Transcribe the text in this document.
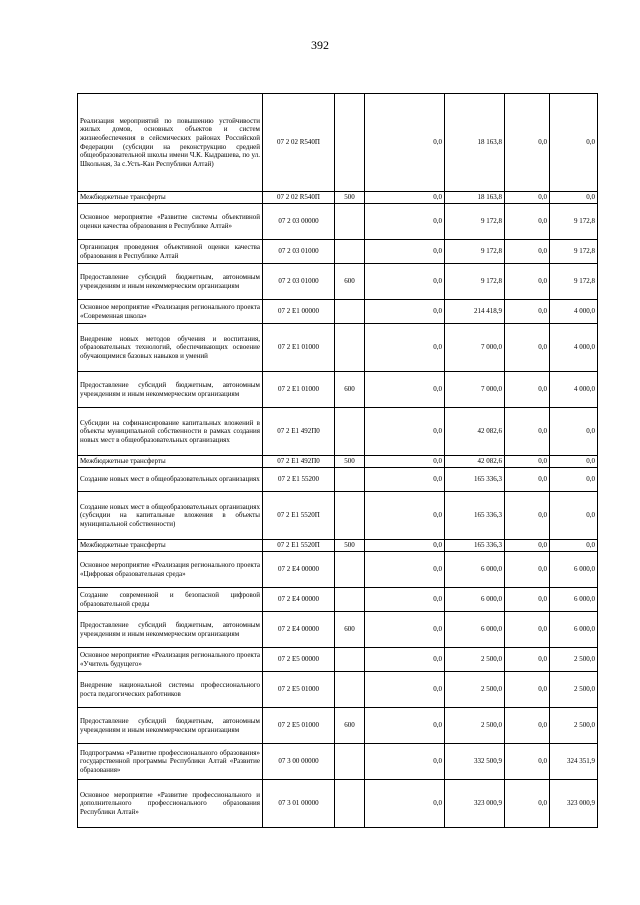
392
Реализация мероприятий по повышению устойчивости жилых домов, основных объектов и систем жизнеобеспечения в сейсмических районах Российской Федерации (субсидии на реконструкцию средней общеобразовательной школы имени Ч.К. Кыдрашева, по ул. Школьная, 3а с.Усть-Кан Республики Алтай)	07 2 02 R540П		0,0	18 163,8	0,0	0,0
Межбюджетные трансферты	07 2 02 R540П	500	0,0	18 163,8	0,0	0,0
Основное мероприятие «Развитие системы объективной оценки качества образования в Республике Алтай»	07 2 03 00000		0,0	9 172,8	0,0	9 172,8
Организация проведения объективной оценки качества образования в Республике Алтай	07 2 03 01000		0,0	9 172,8	0,0	9 172,8
Предоставление субсидий бюджетным, автономным учреждениям и иным некоммерческим организациям	07 2 03 01000	600	0,0	9 172,8	0,0	9 172,8
Основное мероприятие «Реализация регионального проекта «Современная школа»	07 2 E1 00000		0,0	214 418,9	0,0	4 000,0
Внедрение новых методов обучения и воспитания, образовательных технологий, обеспечивающих освоение обучающимися базовых навыков и умений	07 2 E1 01000		0,0	7 000,0	0,0	4 000,0
Предоставление субсидий бюджетным, автономным учреждениям и иным некоммерческим организациям	07 2 E1 01000	600	0,0	7 000,0	0,0	4 000,0
Субсидии на софинансирование капитальных вложений в объекты муниципальной собственности в рамках создания новых мест в общеобразовательных организациях	07 2 E1 492П0		0,0	42 082,6	0,0	0,0
Межбюджетные трансферты	07 2 E1 492П0	500	0,0	42 082,6	0,0	0,0
Создание новых мест в общеобразовательных организациях	07 2 E1 55200		0,0	165 336,3	0,0	0,0
Создание новых мест в общеобразовательных организациях (субсидии на капитальные вложения в объекты муниципальной собственности)	07 2 E1 5520П		0,0	165 336,3	0,0	0,0
Межбюджетные трансферты	07 2 E1 5520П	500	0,0	165 336,3	0,0	0,0
Основное мероприятие «Реализация регионального проекта «Цифровая образовательная среда»	07 2 E4 00000		0,0	6 000,0	0,0	6 000,0
Создание современной и безопасной цифровой образовательной среды	07 2 E4 00000		0,0	6 000,0	0,0	6 000,0
Предоставление субсидий бюджетным, автономным учреждениям и иным некоммерческим организациям	07 2 E4 00000	600	0,0	6 000,0	0,0	6 000,0
Основное мероприятие «Реализация регионального проекта «Учитель будущего»	07 2 E5 00000		0,0	2 500,0	0,0	2 500,0
Внедрение национальной системы профессионального роста педагогических работников	07 2 E5 01000		0,0	2 500,0	0,0	2 500,0
Предоставление субсидий бюджетным, автономным учреждениям и иным некоммерческим организациям	07 2 E5 01000	600	0,0	2 500,0	0,0	2 500,0
Подпрограмма «Развитие профессионального образования» государственной программы Республики Алтай «Развитие образования»	07 3 00 00000		0,0	332 500,9	0,0	324 351,9
Основное мероприятие «Развитие профессионального и дополнительного профессионального образования Республики Алтай»	07 3 01 00000		0,0	323 000,9	0,0	323 000,9
